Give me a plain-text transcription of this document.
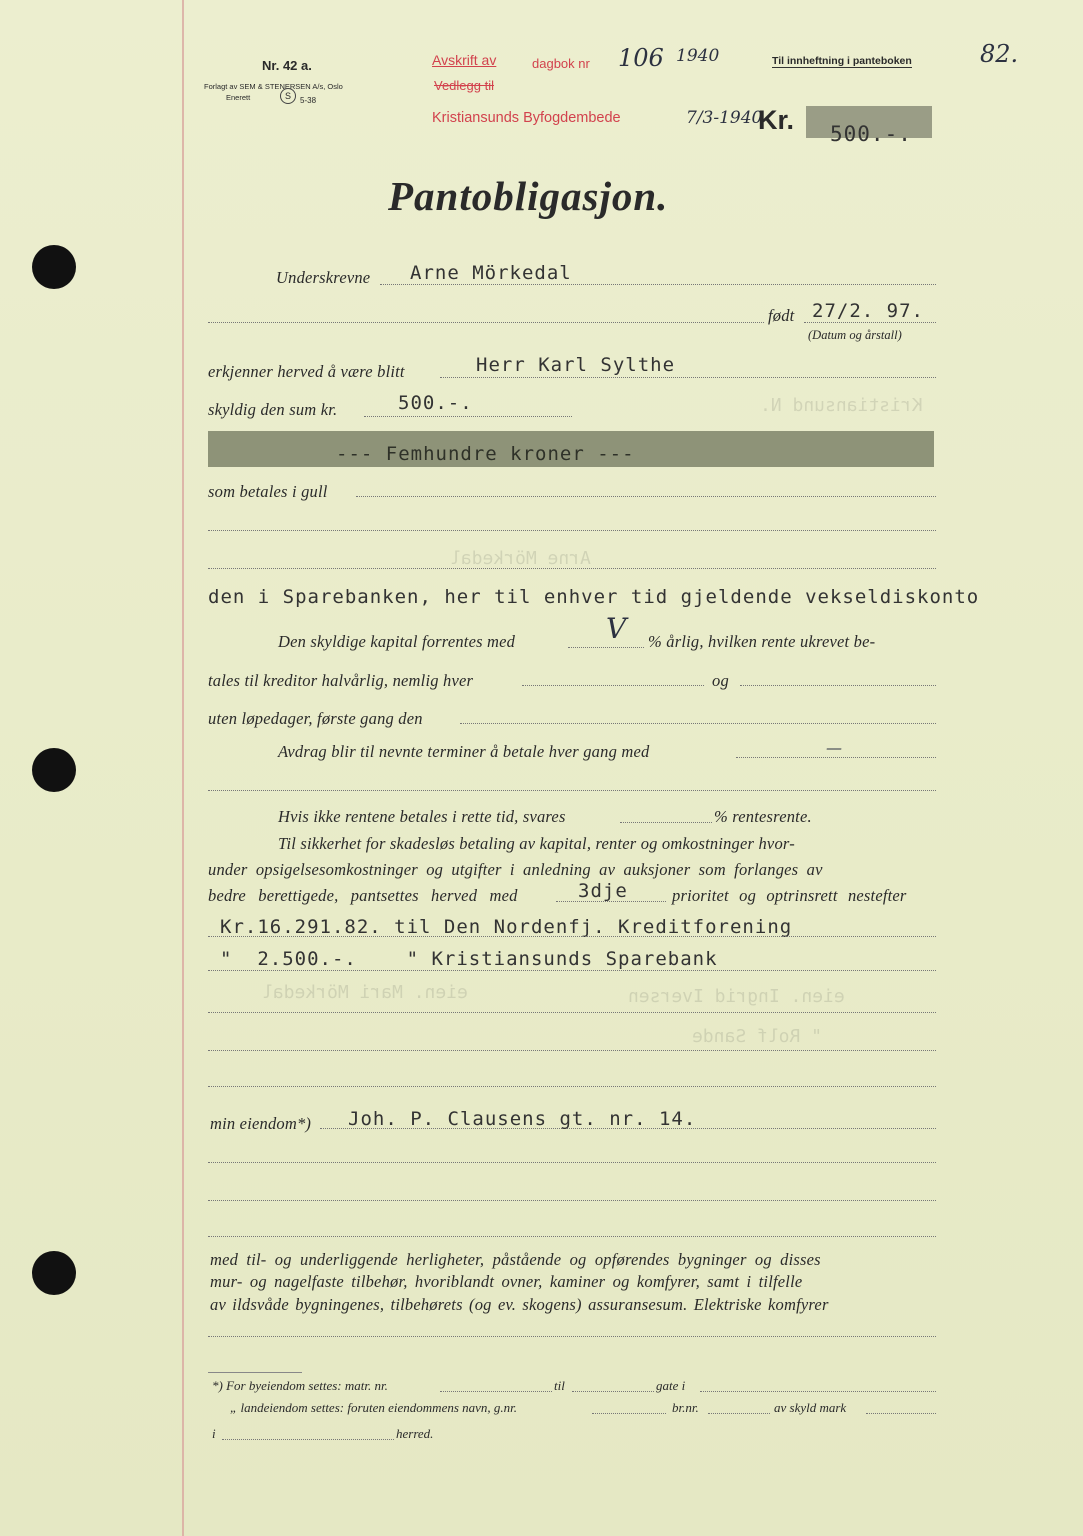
Kristiansund N.
Arne Mörkedal
eien. Mari Mörkedal	eien. Ingrid Iversen
" Rolf Sande
82.
Nr. 42 a.
Forlagt av SEM & STENERSEN A/s, Oslo
Enerett	S	5-38
Avskrift av	dagbok nr 106 1940
Vedlegg til
Kristiansunds Byfogdembede	7/3-1940
Til innheftning i panteboken
Kr. 500.-.
Pantobligasjon.
Underskrevne Arne Mörkedal
født 27/2. 97.
(Datum og årstall)
erkjenner herved å være blitt	Herr Karl Sylthe
skyldig den sum kr.	500.-.
--- Femhundre kroner ---
som betales i gull
den i Sparebanken, her til enhver tid gjeldende vekseldiskonto
Den skyldige kapital forrentes med	V % årlig, hvilken rente ukrevet be-
tales til kreditor halvårlig, nemlig hver	og
uten løpedager, første gang den
Avdrag blir til nevnte terminer å betale hver gang med	—
Hvis ikke rentene betales i rette tid, svares	% rentesrente.
Til sikkerhet for skadesløs betaling av kapital, renter og omkostninger hvor-
under opsigelsesomkostninger og utgifter i anledning av auksjoner som forlanges av
bedre berettigede, pantsettes herved med	3dje	prioritet og optrinsrett nestefter
Kr.16.291.82. til Den Nordenfj. Kreditforening
"  2.500.-.    " Kristiansunds Sparebank
min eiendom*) Joh. P. Clausens gt. nr. 14.
med til- og underliggende herligheter, påstående og opførendes bygninger og disses
mur- og nagelfaste tilbehør, hvoriblandt ovner, kaminer og komfyrer, samt i tilfelle
av ildsvåde bygningenes, tilbehørets (og ev. skogens) assuransesum. Elektriske komfyrer
*) For byeiendom settes: matr. nr.	til	gate i
„ landeiendom settes: foruten eiendommens navn, g.nr.	br.nr.	av skyld mark
i	herred.
